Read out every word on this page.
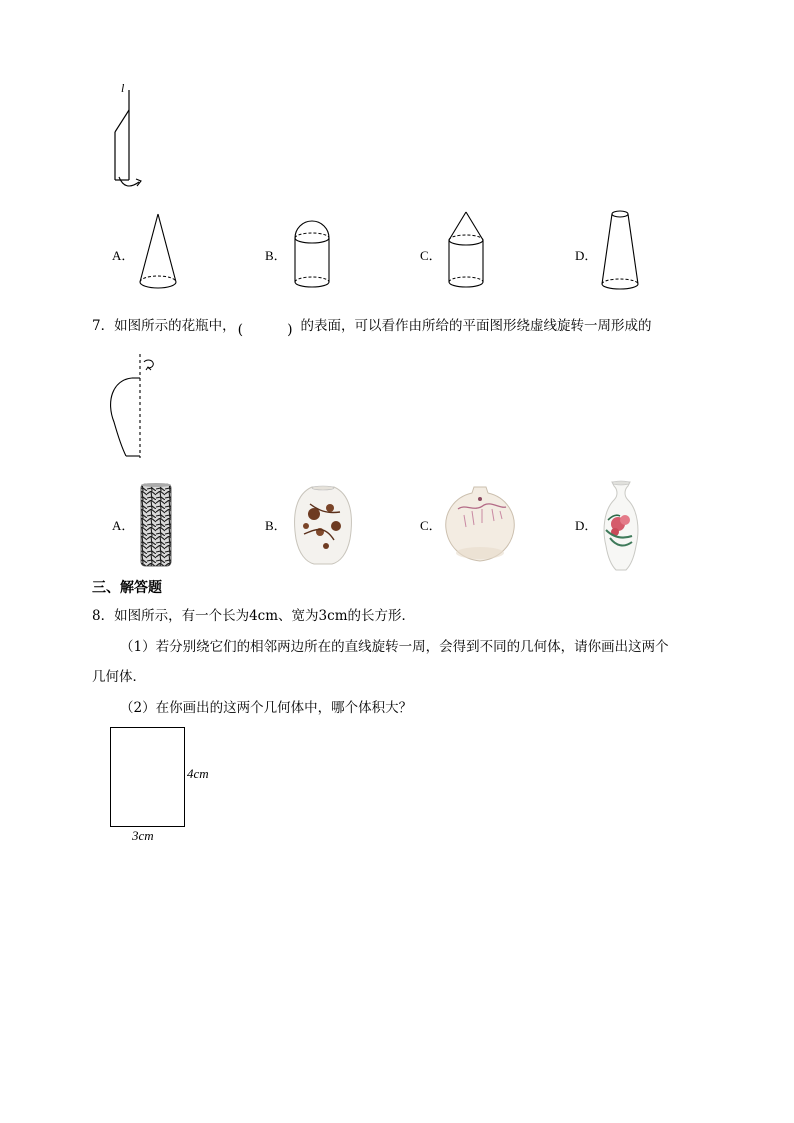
l
A．	B．	C．	D．
7．如图所示的花瓶中， (	) 的表面，可以看作由所给的平面图形绕虚线旋转一周形成的
A．	B．	C．	D．
三、解答题
8．如图所示，有一个长为4cm、宽为3cm的长方形．
（1）若分别绕它们的相邻两边所在的直线旋转一周，会得到不同的几何体，请你画出这两个
几何体．
（2）在你画出的这两个几何体中，哪个体积大？
4cm
3cm
